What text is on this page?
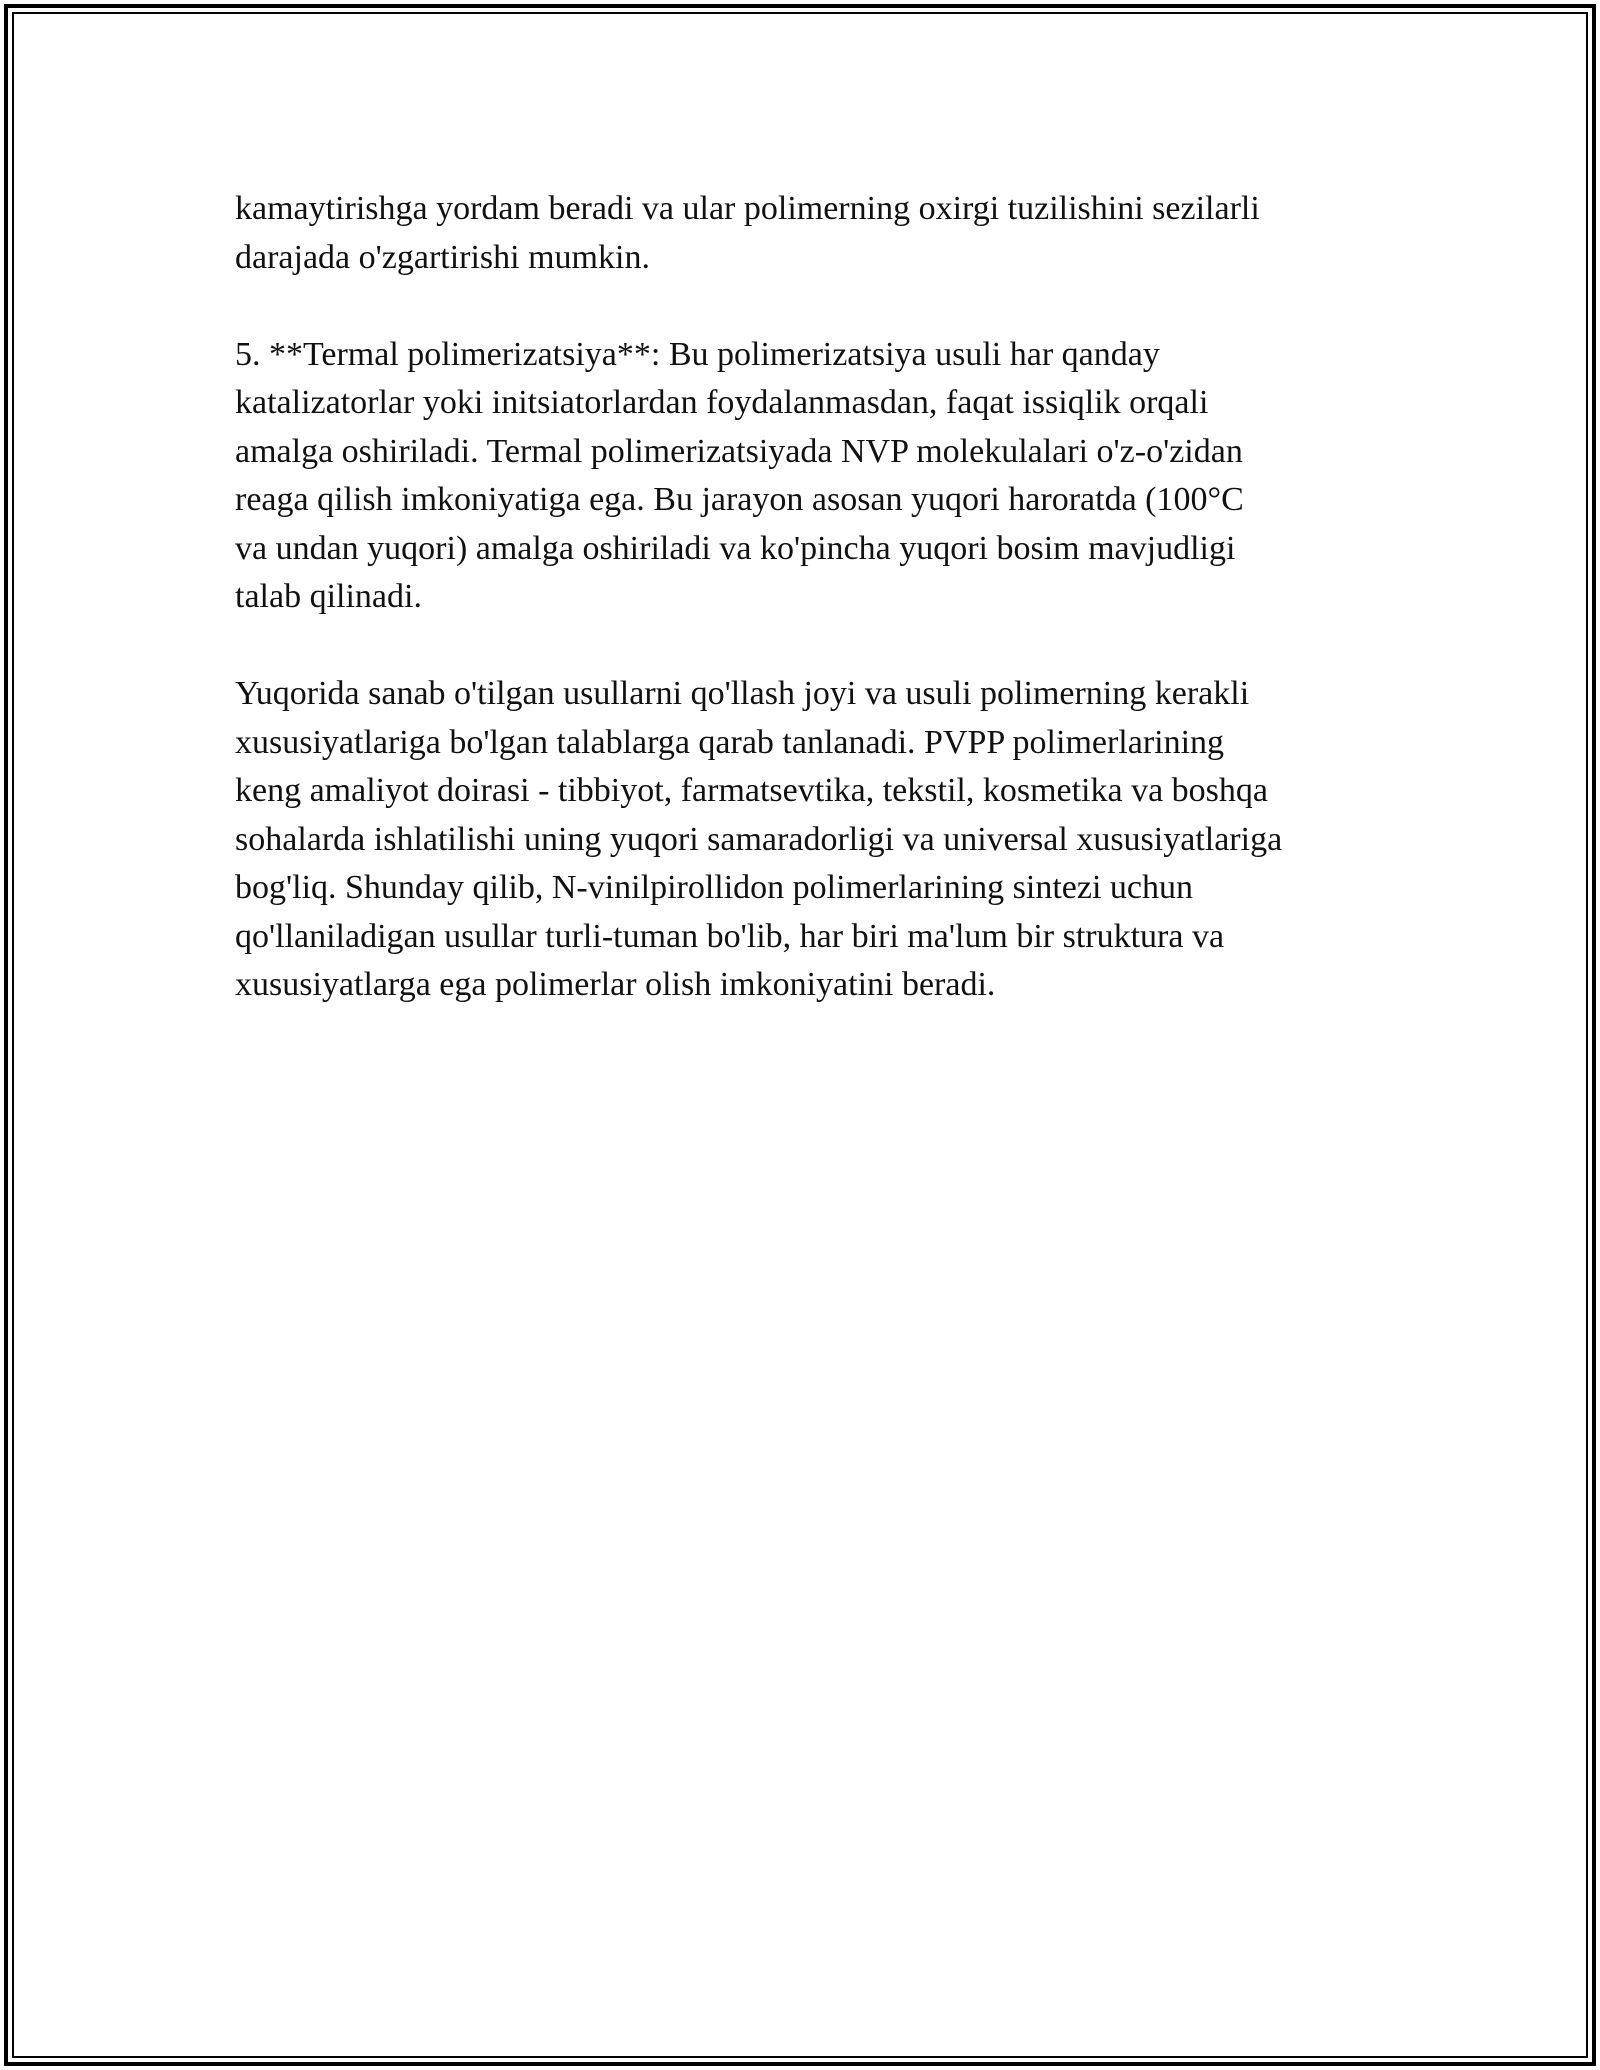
kamaytirishga yordam beradi va ular polimerning oxirgi tuzilishini sezilarli
darajada o'zgartirishi mumkin.

5. **Termal polimerizatsiya**: Bu polimerizatsiya usuli har qanday
katalizatorlar yoki initsiatorlardan foydalanmasdan, faqat issiqlik orqali
amalga oshiriladi. Termal polimerizatsiyada NVP molekulalari o'z-o'zidan
reaga qilish imkoniyatiga ega. Bu jarayon asosan yuqori haroratda (100°C
va undan yuqori) amalga oshiriladi va ko'pincha yuqori bosim mavjudligi
talab qilinadi.

Yuqorida sanab o'tilgan usullarni qo'llash joyi va usuli polimerning kerakli
xususiyatlariga bo'lgan talablarga qarab tanlanadi. PVPP polimerlarining
keng amaliyot doirasi - tibbiyot, farmatsevtika, tekstil, kosmetika va boshqa
sohalarda ishlatilishi uning yuqori samaradorligi va universal xususiyatlariga
bog'liq. Shunday qilib, N-vinilpirollidon polimerlarining sintezi uchun
qo'llaniladigan usullar turli-tuman bo'lib, har biri ma'lum bir struktura va
xususiyatlarga ega polimerlar olish imkoniyatini beradi.
